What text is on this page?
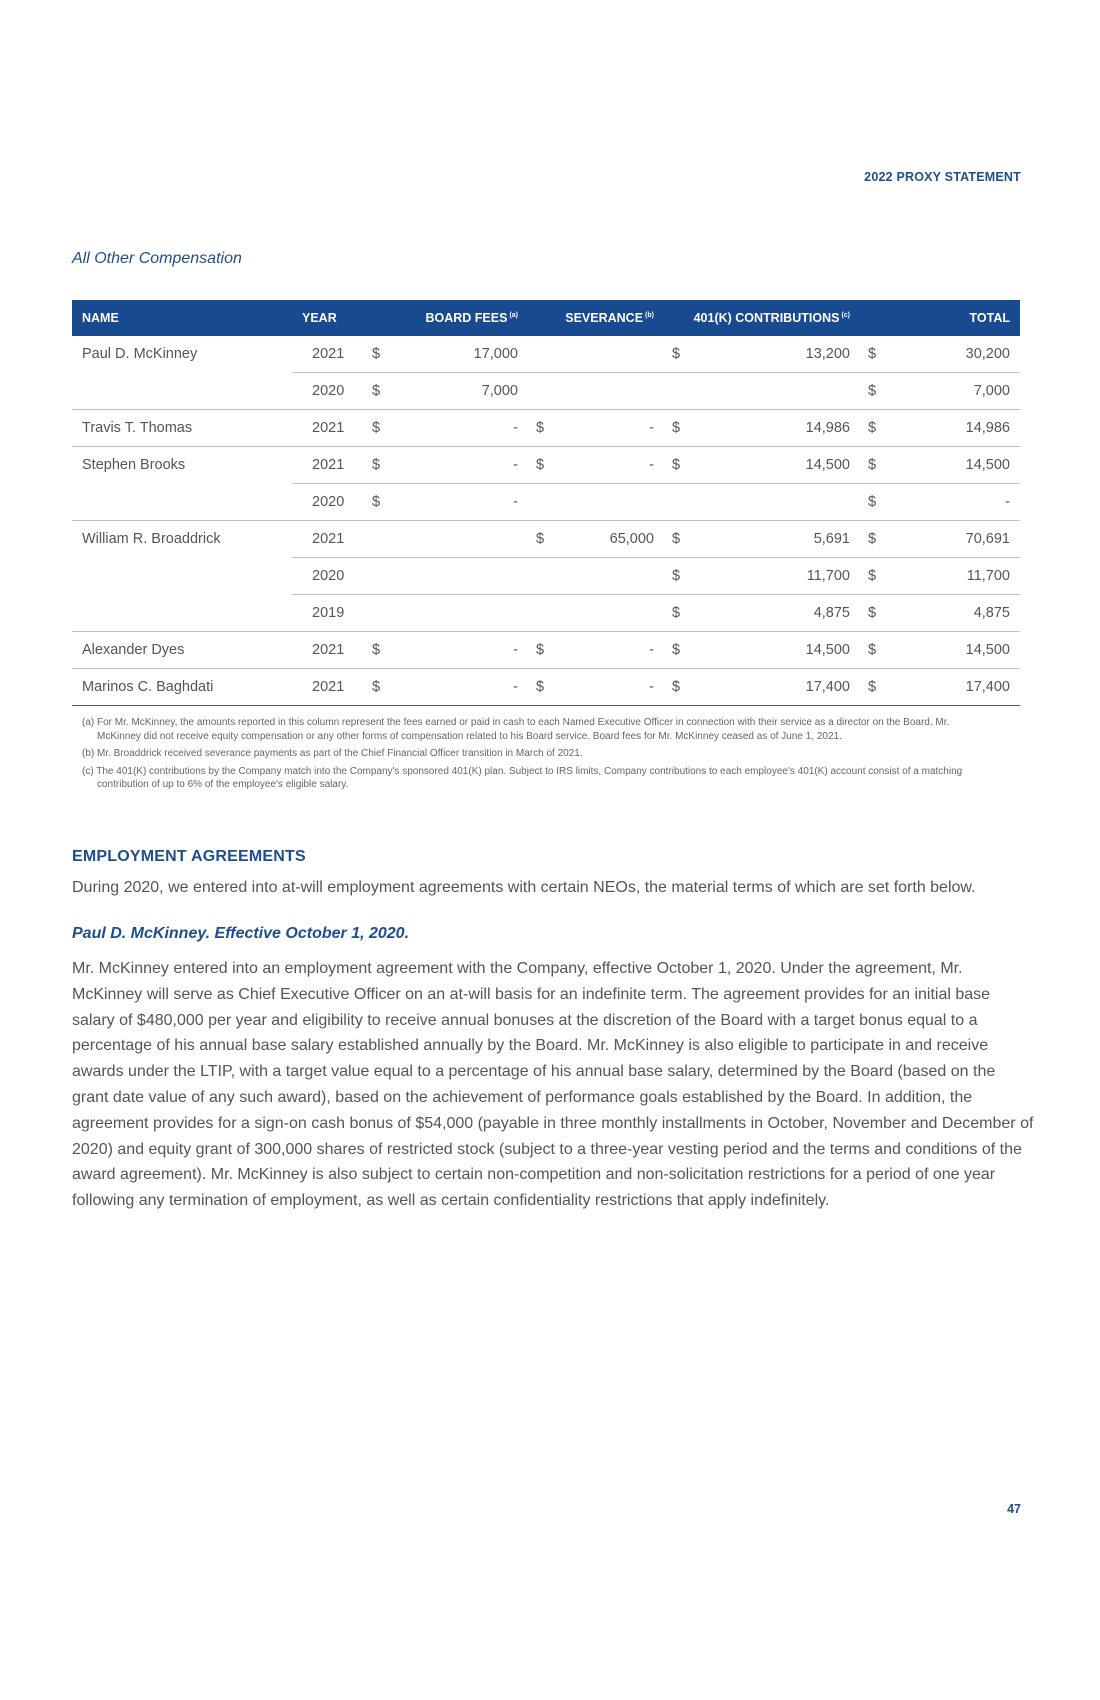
2022 PROXY STATEMENT
All Other Compensation
NAME	YEAR	BOARD FEES $^{(a)}$		SEVERANCE $^{(b)}$		401(K) CONTRIBUTIONS $^{(c)}$		TOTAL	
Paul D. McKinney	2021	$	17,000			$	13,200	$	30,200
	2020	$	7,000					$	7,000
Travis T. Thomas	2021	$	-	$	-	$	14,986	$	14,986
Stephen Brooks	2021	$	-	$	-	$	14,500	$	14,500
	2020	$	-					$	-
William R. Broaddrick	2021			$	65,000	$	5,691	$	70,691
	2020					$	11,700	$	11,700
	2019					$	4,875	$	4,875
Alexander Dyes	2021	$	-	$	-	$	14,500	$	14,500
Marinos C. Baghdati	2021	$	-	$	-	$	17,400	$	17,400

(a) For Mr. McKinney, the amounts reported in this column represent the fees earned or paid in cash to each Named Executive Officer in connection with their service as a director on the Board. Mr. McKinney did not receive equity compensation or any other forms of compensation related to his Board service. Board fees for Mr. McKinney ceased as of June 1, 2021.

(b) Mr. Broaddrick received severance payments as part of the Chief Financial Officer transition in March of 2021.

(c) The 401(K) contributions by the Company match into the Company's sponsored 401(K) plan. Subject to IRS limits, Company contributions to each employee's 401(K) account consist of a matching contribution of up to 6% of the employee's eligible salary.

EMPLOYMENT AGREEMENTS
During 2020, we entered into at-will employment agreements with certain NEOs, the material terms of which are set forth below.
Paul D. McKinney. Effective October 1, 2020.

Mr. McKinney entered into an employment agreement with the Company, effective October 1, 2020. Under the agreement, Mr. McKinney will serve as Chief Executive Officer on an at-will basis for an indefinite term. The agreement provides for an initial base salary of $480,000 per year and eligibility to receive annual bonuses at the discretion of the Board with a target bonus equal to a percentage of his annual base salary established annually by the Board. Mr. McKinney is also eligible to participate in and receive awards under the LTIP, with a target value equal to a percentage of his annual base salary, determined by the Board (based on the grant date value of any such award), based on the achievement of performance goals established by the Board. In addition, the agreement provides for a sign-on cash bonus of $54,000 (payable in three monthly installments in October, November and December of 2020) and equity grant of 300,000 shares of restricted stock (subject to a three-year vesting period and the terms and conditions of the award agreement). Mr. McKinney is also subject to certain non-competition and non-solicitation restrictions for a period of one year following any termination of employment, as well as certain confidentiality restrictions that apply indefinitely.

47
